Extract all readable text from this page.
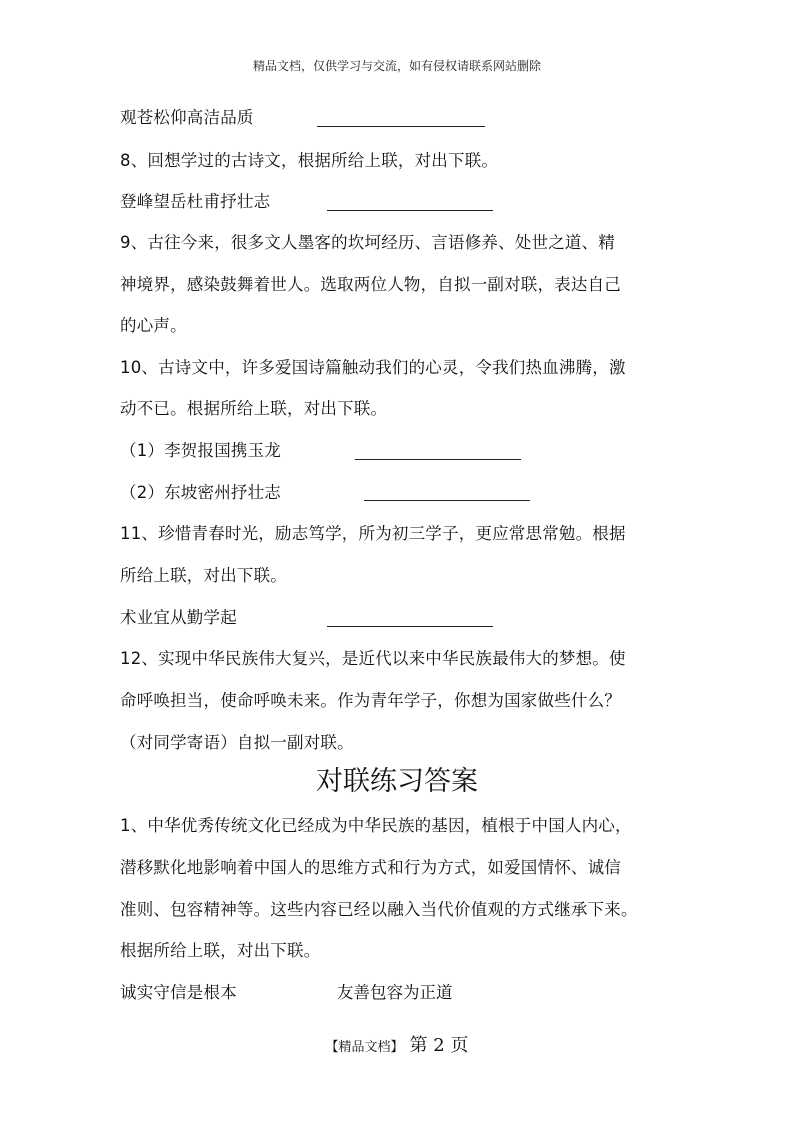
精品文档，仅供学习与交流，如有侵权请联系网站删除
观苍松仰高洁品质
8、回想学过的古诗文，根据所给上联，对出下联。
登峰望岳杜甫抒壮志
9、古往今来，很多文人墨客的坎坷经历、言语修养、处世之道、精
神境界，感染鼓舞着世人。选取两位人物，自拟一副对联，表达自己
的心声。
10、古诗文中，许多爱国诗篇触动我们的心灵，令我们热血沸腾，激
动不已。根据所给上联，对出下联。
（1）李贺报国携玉龙
（2）东坡密州抒壮志
11、珍惜青春时光，励志笃学，所为初三学子，更应常思常勉。根据
所给上联，对出下联。
术业宜从勤学起
12、实现中华民族伟大复兴，是近代以来中华民族最伟大的梦想。使
命呼唤担当，使命呼唤未来。作为青年学子，你想为国家做些什么？
（对同学寄语）自拟一副对联。
对联练习答案
1、中华优秀传统文化已经成为中华民族的基因，植根于中国人内心，
潜移默化地影响着中国人的思维方式和行为方式，如爱国情怀、诚信
准则、包容精神等。这些内容已经以融入当代价值观的方式继承下来。
根据所给上联，对出下联。
诚实守信是根本	友善包容为正道
【精品文档】 第 2 页
